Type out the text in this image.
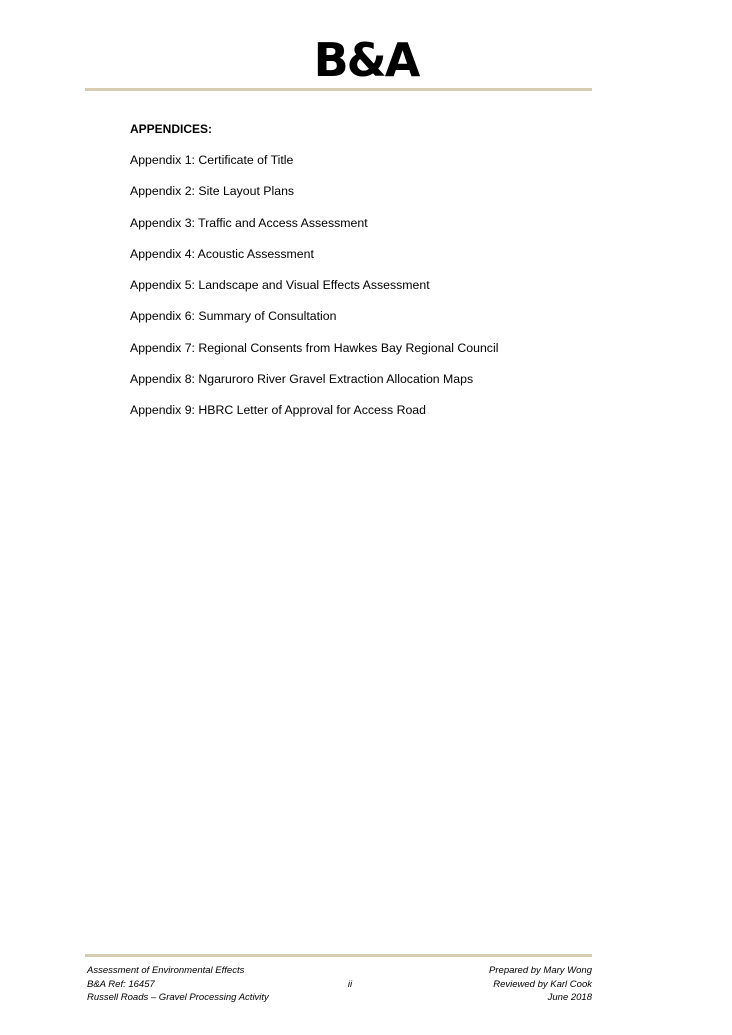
B&A
APPENDICES:
Appendix 1: Certificate of Title
Appendix 2: Site Layout Plans
Appendix 3: Traffic and Access Assessment
Appendix 4: Acoustic Assessment
Appendix 5: Landscape and Visual Effects Assessment
Appendix 6: Summary of Consultation
Appendix 7: Regional Consents from Hawkes Bay Regional Council
Appendix 8: Ngaruroro River Gravel Extraction Allocation Maps
Appendix 9: HBRC Letter of Approval for Access Road
Assessment of Environmental Effects
B&A Ref: 16457
Russell Roads – Gravel Processing Activity
ii
Prepared by Mary Wong
Reviewed by Karl Cook
June 2018
